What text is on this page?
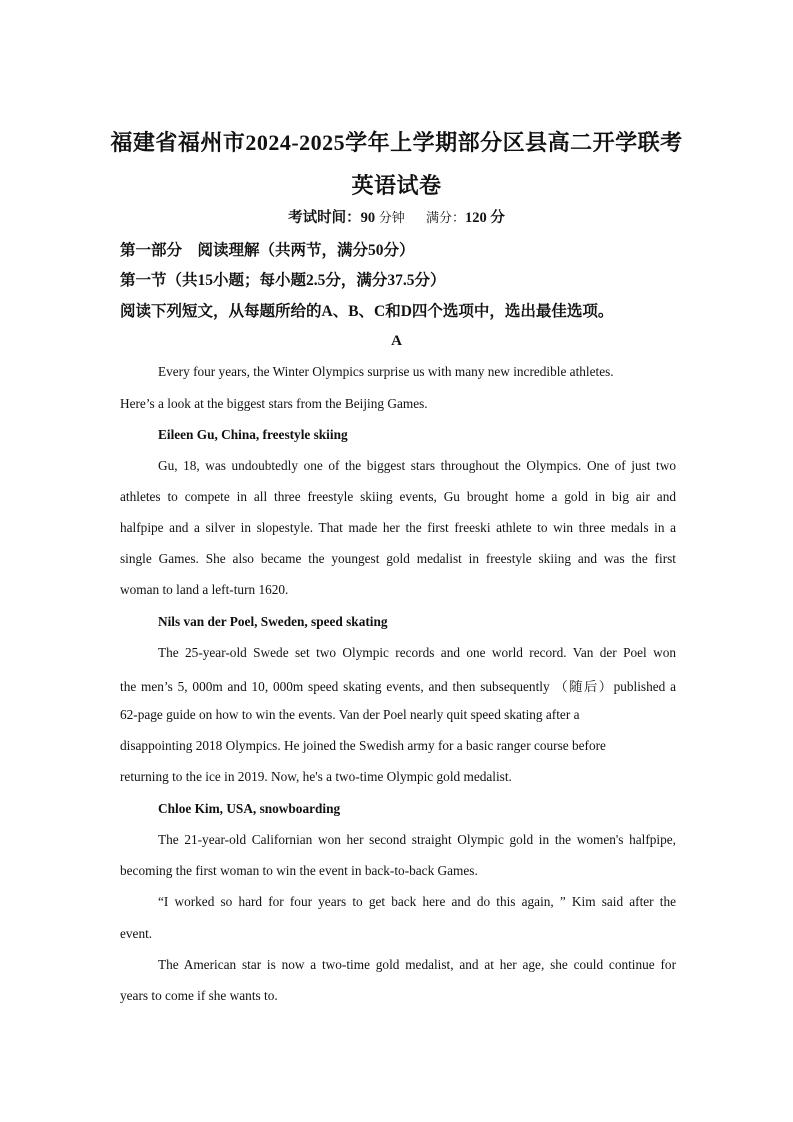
福建省福州市2024-2025学年上学期部分区县高二开学联考
英语试卷
考试时间：90 分钟 满分：120 分
第一部分　阅读理解（共两节，满分50分）
第一节（共15小题；每小题2.5分，满分37.5分）
阅读下列短文，从每题所给的A、B、C和D四个选项中，选出最佳选项。
A
Every four years, the Winter Olympics surprise us with many new incredible athletes.
Here’s a look at the biggest stars from the Beijing Games.
Eileen Gu, China, freestyle skiing
Gu, 18, was undoubtedly one of the biggest stars throughout the Olympics. One of just two
athletes to compete in all three freestyle skiing events, Gu brought home a gold in big air and
halfpipe and a silver in slopestyle. That made her the first freeski athlete to win three medals in a
single Games. She also became the youngest gold medalist in freestyle skiing and was the first
woman to land a left-turn 1620.
Nils van der Poel, Sweden, speed skating
The 25-year-old Swede set two Olympic records and one world record. Van der Poel won
the men’s 5, 000m and 10, 000m speed skating events, and then subsequently （随后）published a
62-page guide on how to win the events. Van der Poel nearly quit speed skating after a
disappointing 2018 Olympics. He joined the Swedish army for a basic ranger course before
returning to the ice in 2019. Now, he's a two-time Olympic gold medalist.
Chloe Kim, USA, snowboarding
The 21-year-old Californian won her second straight Olympic gold in the women's halfpipe,
becoming the first woman to win the event in back-to-back Games.
“I worked so hard for four years to get back here and do this again, ” Kim said after the
event.
The American star is now a two-time gold medalist, and at her age, she could continue for
years to come if she wants to.
